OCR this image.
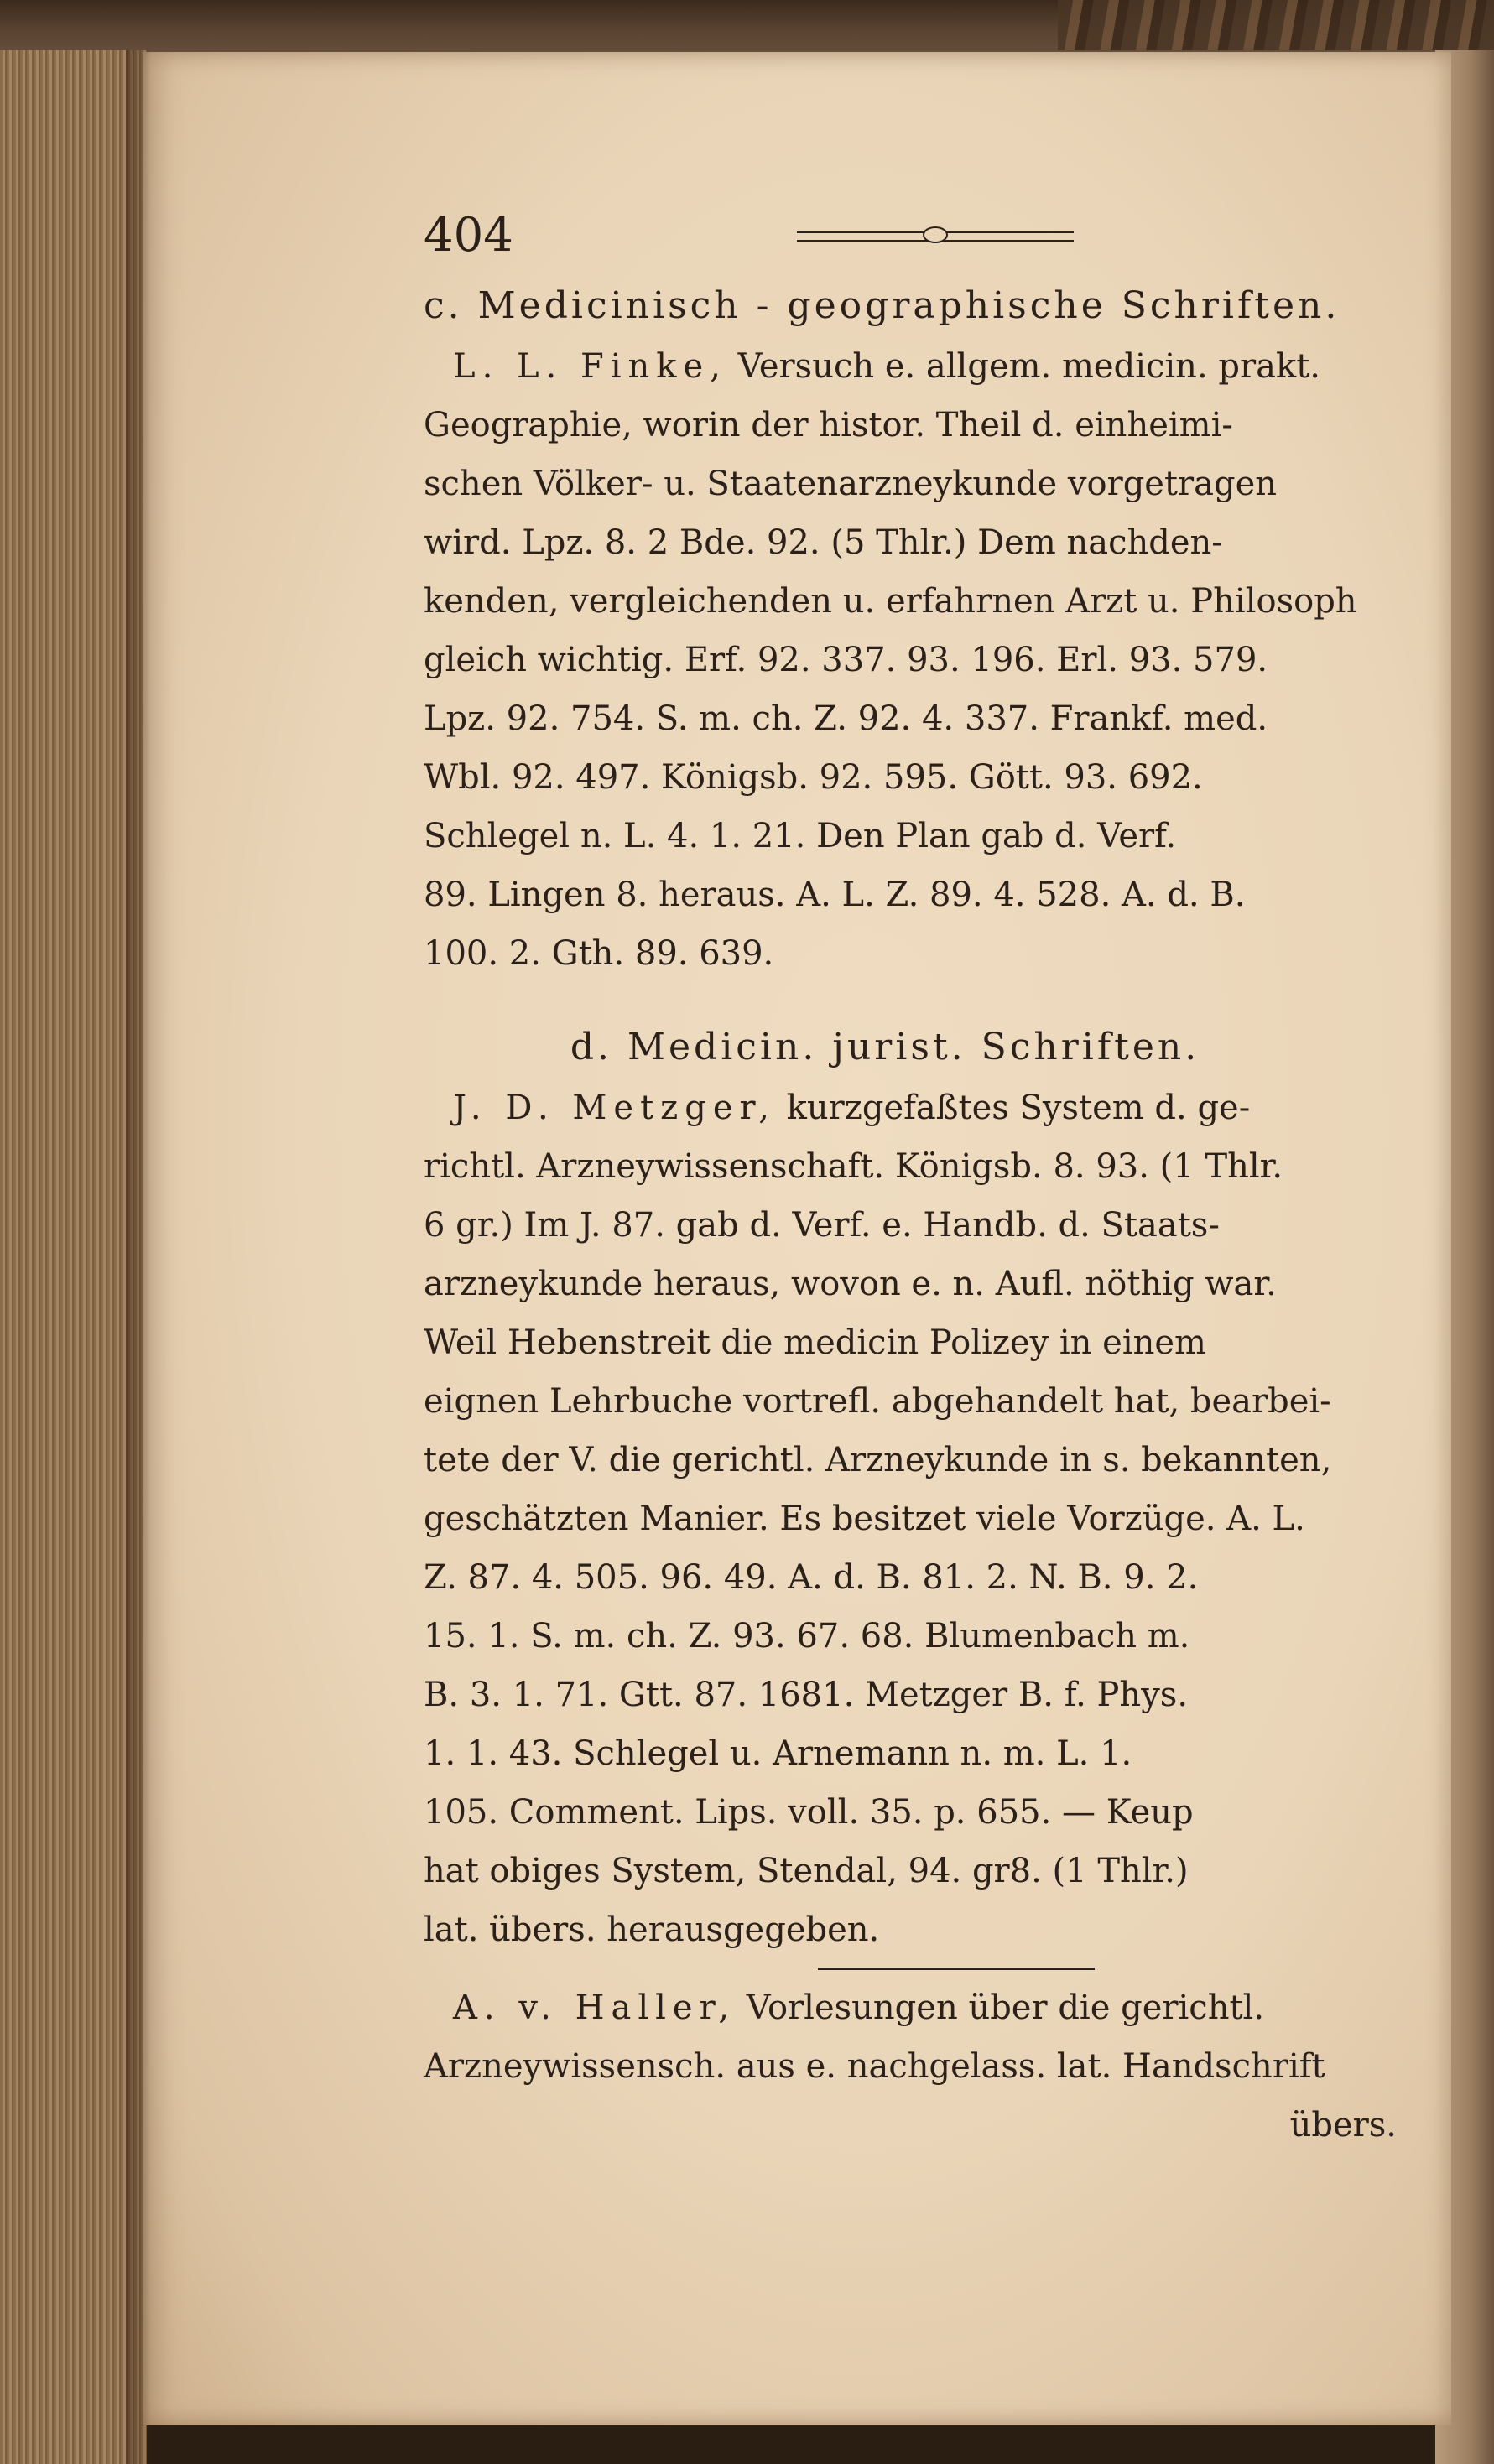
404
c. Medicinisch - geographische Schriften.
L. L. Finke, Versuch e. allgem. medicin. prakt.
Geographie, worin der histor. Theil d. einheimi-
schen Völker- u. Staatenarzneykunde vorgetragen
wird. Lpz. 8. 2 Bde. 92. (5 Thlr.) Dem nachden-
kenden, vergleichenden u. erfahrnen Arzt u. Philosoph
gleich wichtig. Erf. 92. 337. 93. 196. Erl. 93. 579.
Lpz. 92. 754. S. m. ch. Z. 92. 4. 337. Frankf. med.
Wbl. 92. 497. Königsb. 92. 595. Gött. 93. 692.
Schlegel n. L. 4. 1. 21. Den Plan gab d. Verf.
89. Lingen 8. heraus. A. L. Z. 89. 4. 528. A. d. B.
100. 2. Gth. 89. 639.
d. Medicin. jurist. Schriften.
J. D. Metzger, kurzgefaßtes System d. ge-
richtl. Arzneywissenschaft. Königsb. 8. 93. (1 Thlr.
6 gr.) Im J. 87. gab d. Verf. e. Handb. d. Staats-
arzneykunde heraus, wovon e. n. Aufl. nöthig war.
Weil Hebenstreit die medicin Polizey in einem
eignen Lehrbuche vortrefl. abgehandelt hat, bearbei-
tete der V. die gerichtl. Arzneykunde in s. bekannten,
geschätzten Manier. Es besitzet viele Vorzüge. A. L.
Z. 87. 4. 505. 96. 49. A. d. B. 81. 2. N. B. 9. 2.
15. 1. S. m. ch. Z. 93. 67. 68. Blumenbach m.
B. 3. 1. 71. Gtt. 87. 1681. Metzger B. f. Phys.
1. 1. 43. Schlegel u. Arnemann n. m. L. 1.
105. Comment. Lips. voll. 35. p. 655. — Keup
hat obiges System, Stendal, 94. gr8. (1 Thlr.)
lat. übers. herausgegeben.
A. v. Haller, Vorlesungen über die gerichtl.
Arzneywissensch. aus e. nachgelass. lat. Handschrift
übers.
